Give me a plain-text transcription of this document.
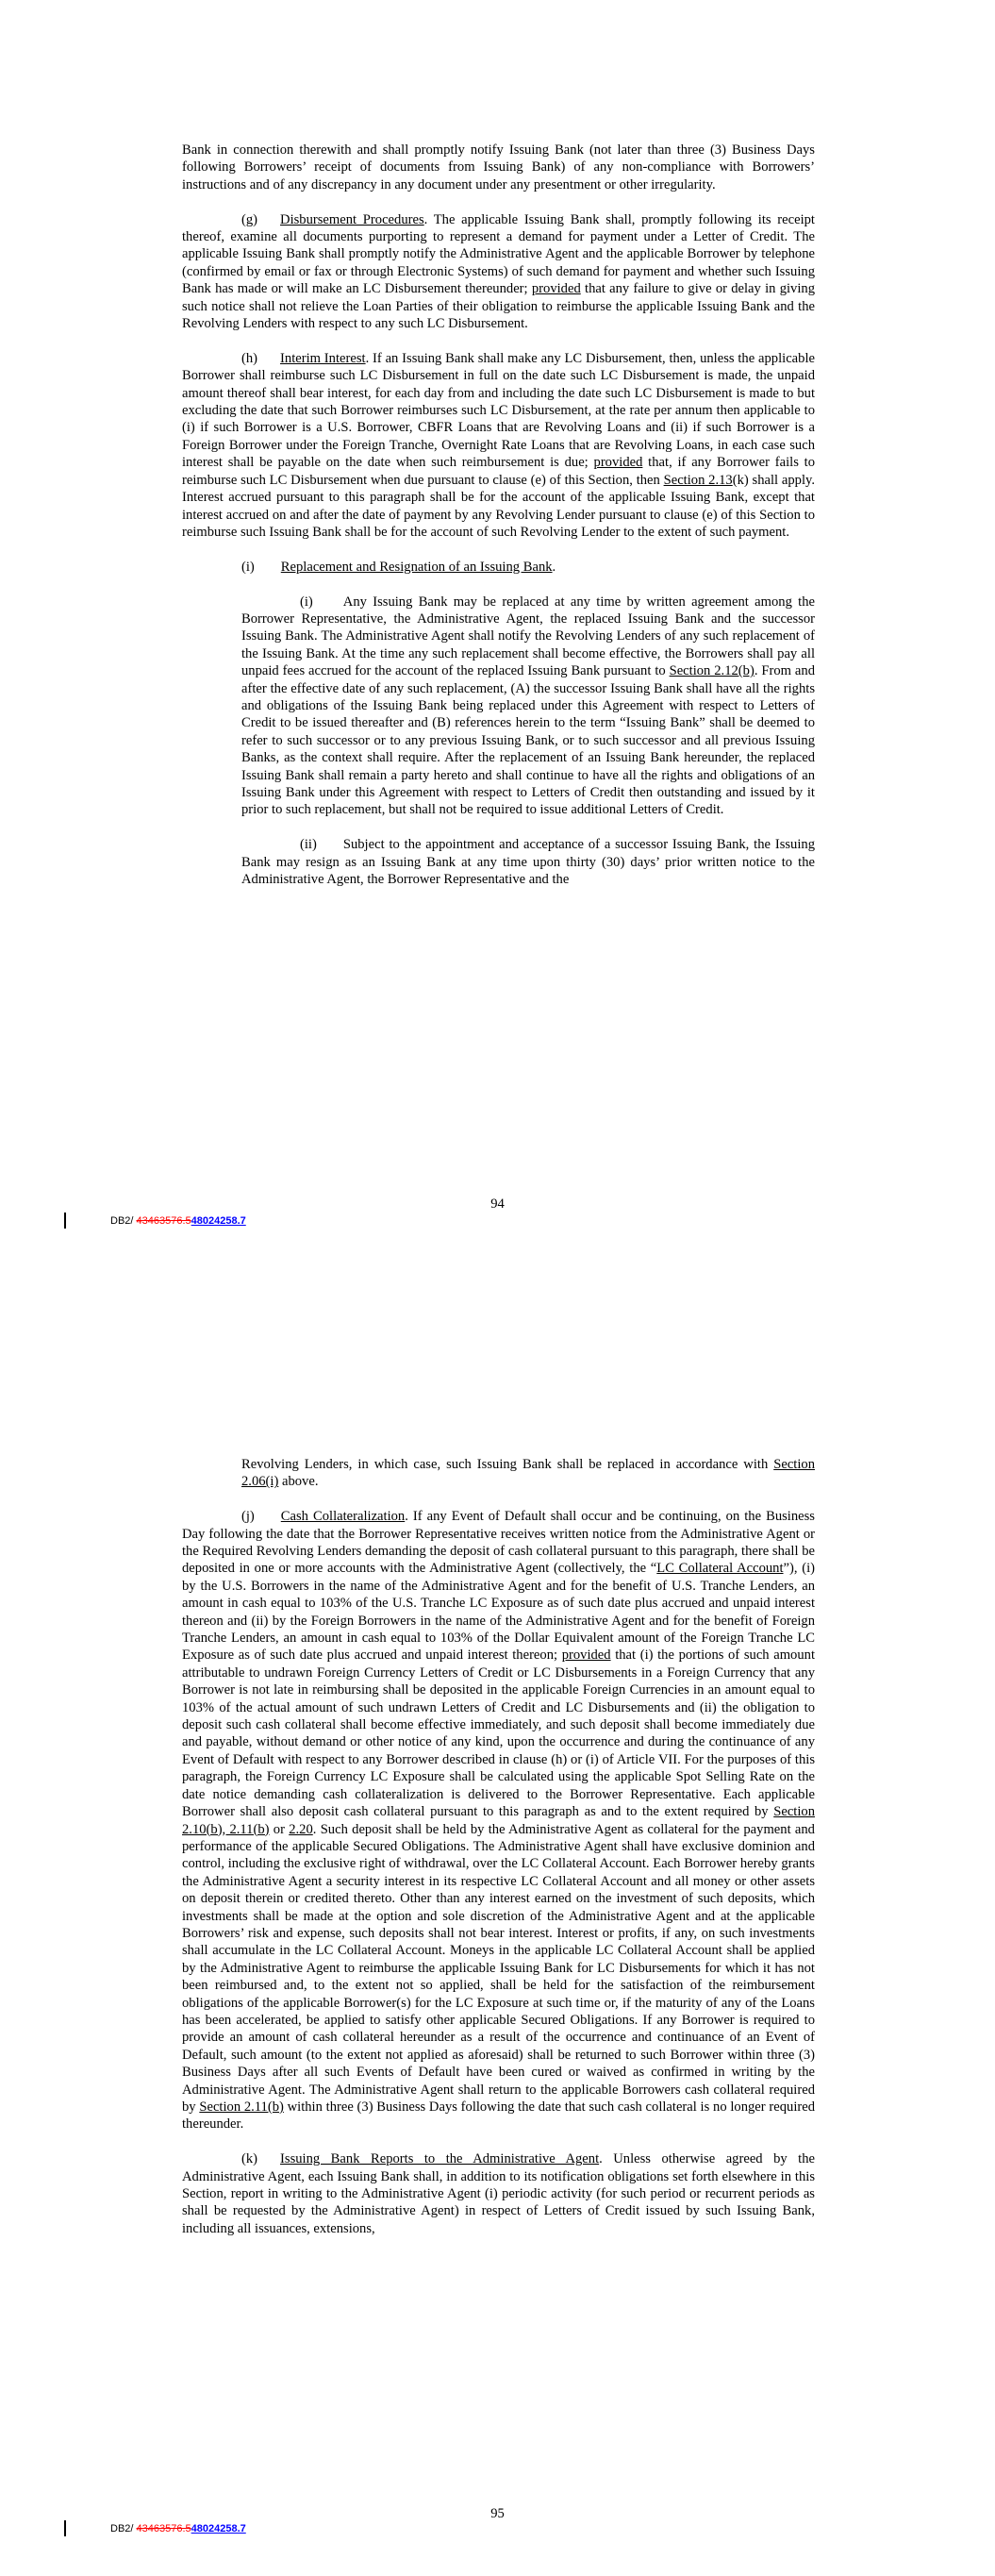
Bank in connection therewith and shall promptly notify Issuing Bank (not later than three (3) Business Days following Borrowers’ receipt of documents from Issuing Bank) of any non-compliance with Borrowers’ instructions and of any discrepancy in any document under any presentment or other irregularity.

(g) Disbursement Procedures. The applicable Issuing Bank shall, promptly following its receipt thereof, examine all documents purporting to represent a demand for payment under a Letter of Credit. The applicable Issuing Bank shall promptly notify the Administrative Agent and the applicable Borrower by telephone (confirmed by email or fax or through Electronic Systems) of such demand for payment and whether such Issuing Bank has made or will make an LC Disbursement thereunder; provided that any failure to give or delay in giving such notice shall not relieve the Loan Parties of their obligation to reimburse the applicable Issuing Bank and the Revolving Lenders with respect to any such LC Disbursement.

(h) Interim Interest. If an Issuing Bank shall make any LC Disbursement, then, unless the applicable Borrower shall reimburse such LC Disbursement in full on the date such LC Disbursement is made, the unpaid amount thereof shall bear interest, for each day from and including the date such LC Disbursement is made to but excluding the date that such Borrower reimburses such LC Disbursement, at the rate per annum then applicable to (i) if such Borrower is a U.S. Borrower, CBFR Loans that are Revolving Loans and (ii) if such Borrower is a Foreign Borrower under the Foreign Tranche, Overnight Rate Loans that are Revolving Loans, in each case such interest shall be payable on the date when such reimbursement is due; provided that, if any Borrower fails to reimburse such LC Disbursement when due pursuant to clause (e) of this Section, then Section 2.13(k) shall apply. Interest accrued pursuant to this paragraph shall be for the account of the applicable Issuing Bank, except that interest accrued on and after the date of payment by any Revolving Lender pursuant to clause (e) of this Section to reimburse such Issuing Bank shall be for the account of such Revolving Lender to the extent of such payment.

(i) Replacement and Resignation of an Issuing Bank.

(i) Any Issuing Bank may be replaced at any time by written agreement among the Borrower Representative, the Administrative Agent, the replaced Issuing Bank and the successor Issuing Bank. The Administrative Agent shall notify the Revolving Lenders of any such replacement of the Issuing Bank. At the time any such replacement shall become effective, the Borrowers shall pay all unpaid fees accrued for the account of the replaced Issuing Bank pursuant to Section 2.12(b). From and after the effective date of any such replacement, (A) the successor Issuing Bank shall have all the rights and obligations of the Issuing Bank being replaced under this Agreement with respect to Letters of Credit to be issued thereafter and (B) references herein to the term “Issuing Bank” shall be deemed to refer to such successor or to any previous Issuing Bank, or to such successor and all previous Issuing Banks, as the context shall require. After the replacement of an Issuing Bank hereunder, the replaced Issuing Bank shall remain a party hereto and shall continue to have all the rights and obligations of an Issuing Bank under this Agreement with respect to Letters of Credit then outstanding and issued by it prior to such replacement, but shall not be required to issue additional Letters of Credit.

(ii) Subject to the appointment and acceptance of a successor Issuing Bank, the Issuing Bank may resign as an Issuing Bank at any time upon thirty (30) days’ prior written notice to the Administrative Agent, the Borrower Representative and the

94
DB2/ 43463576.548024258.7

Revolving Lenders, in which case, such Issuing Bank shall be replaced in accordance with Section 2.06(i) above.

(j) Cash Collateralization. If any Event of Default shall occur and be continuing, on the Business Day following the date that the Borrower Representative receives written notice from the Administrative Agent or the Required Revolving Lenders demanding the deposit of cash collateral pursuant to this paragraph, there shall be deposited in one or more accounts with the Administrative Agent (collectively, the “LC Collateral Account”), (i) by the U.S. Borrowers in the name of the Administrative Agent and for the benefit of U.S. Tranche Lenders, an amount in cash equal to 103% of the U.S. Tranche LC Exposure as of such date plus accrued and unpaid interest thereon and (ii) by the Foreign Borrowers in the name of the Administrative Agent and for the benefit of Foreign Tranche Lenders, an amount in cash equal to 103% of the Dollar Equivalent amount of the Foreign Tranche LC Exposure as of such date plus accrued and unpaid interest thereon; provided that (i) the portions of such amount attributable to undrawn Foreign Currency Letters of Credit or LC Disbursements in a Foreign Currency that any Borrower is not late in reimbursing shall be deposited in the applicable Foreign Currencies in an amount equal to 103% of the actual amount of such undrawn Letters of Credit and LC Disbursements and (ii) the obligation to deposit such cash collateral shall become effective immediately, and such deposit shall become immediately due and payable, without demand or other notice of any kind, upon the occurrence and during the continuance of any Event of Default with respect to any Borrower described in clause (h) or (i) of Article VII. For the purposes of this paragraph, the Foreign Currency LC Exposure shall be calculated using the applicable Spot Selling Rate on the date notice demanding cash collateralization is delivered to the Borrower Representative. Each applicable Borrower shall also deposit cash collateral pursuant to this paragraph as and to the extent required by Section 2.10(b), 2.11(b) or 2.20. Such deposit shall be held by the Administrative Agent as collateral for the payment and performance of the applicable Secured Obligations. The Administrative Agent shall have exclusive dominion and control, including the exclusive right of withdrawal, over the LC Collateral Account. Each Borrower hereby grants the Administrative Agent a security interest in its respective LC Collateral Account and all money or other assets on deposit therein or credited thereto. Other than any interest earned on the investment of such deposits, which investments shall be made at the option and sole discretion of the Administrative Agent and at the applicable Borrowers’ risk and expense, such deposits shall not bear interest. Interest or profits, if any, on such investments shall accumulate in the LC Collateral Account. Moneys in the applicable LC Collateral Account shall be applied by the Administrative Agent to reimburse the applicable Issuing Bank for LC Disbursements for which it has not been reimbursed and, to the extent not so applied, shall be held for the satisfaction of the reimbursement obligations of the applicable Borrower(s) for the LC Exposure at such time or, if the maturity of any of the Loans has been accelerated, be applied to satisfy other applicable Secured Obligations. If any Borrower is required to provide an amount of cash collateral hereunder as a result of the occurrence and continuance of an Event of Default, such amount (to the extent not applied as aforesaid) shall be returned to such Borrower within three (3) Business Days after all such Events of Default have been cured or waived as confirmed in writing by the Administrative Agent. The Administrative Agent shall return to the applicable Borrowers cash collateral required by Section 2.11(b) within three (3) Business Days following the date that such cash collateral is no longer required thereunder.

(k) Issuing Bank Reports to the Administrative Agent. Unless otherwise agreed by the Administrative Agent, each Issuing Bank shall, in addition to its notification obligations set forth elsewhere in this Section, report in writing to the Administrative Agent (i) periodic activity (for such period or recurrent periods as shall be requested by the Administrative Agent) in respect of Letters of Credit issued by such Issuing Bank, including all issuances, extensions,

95
DB2/ 43463576.548024258.7
